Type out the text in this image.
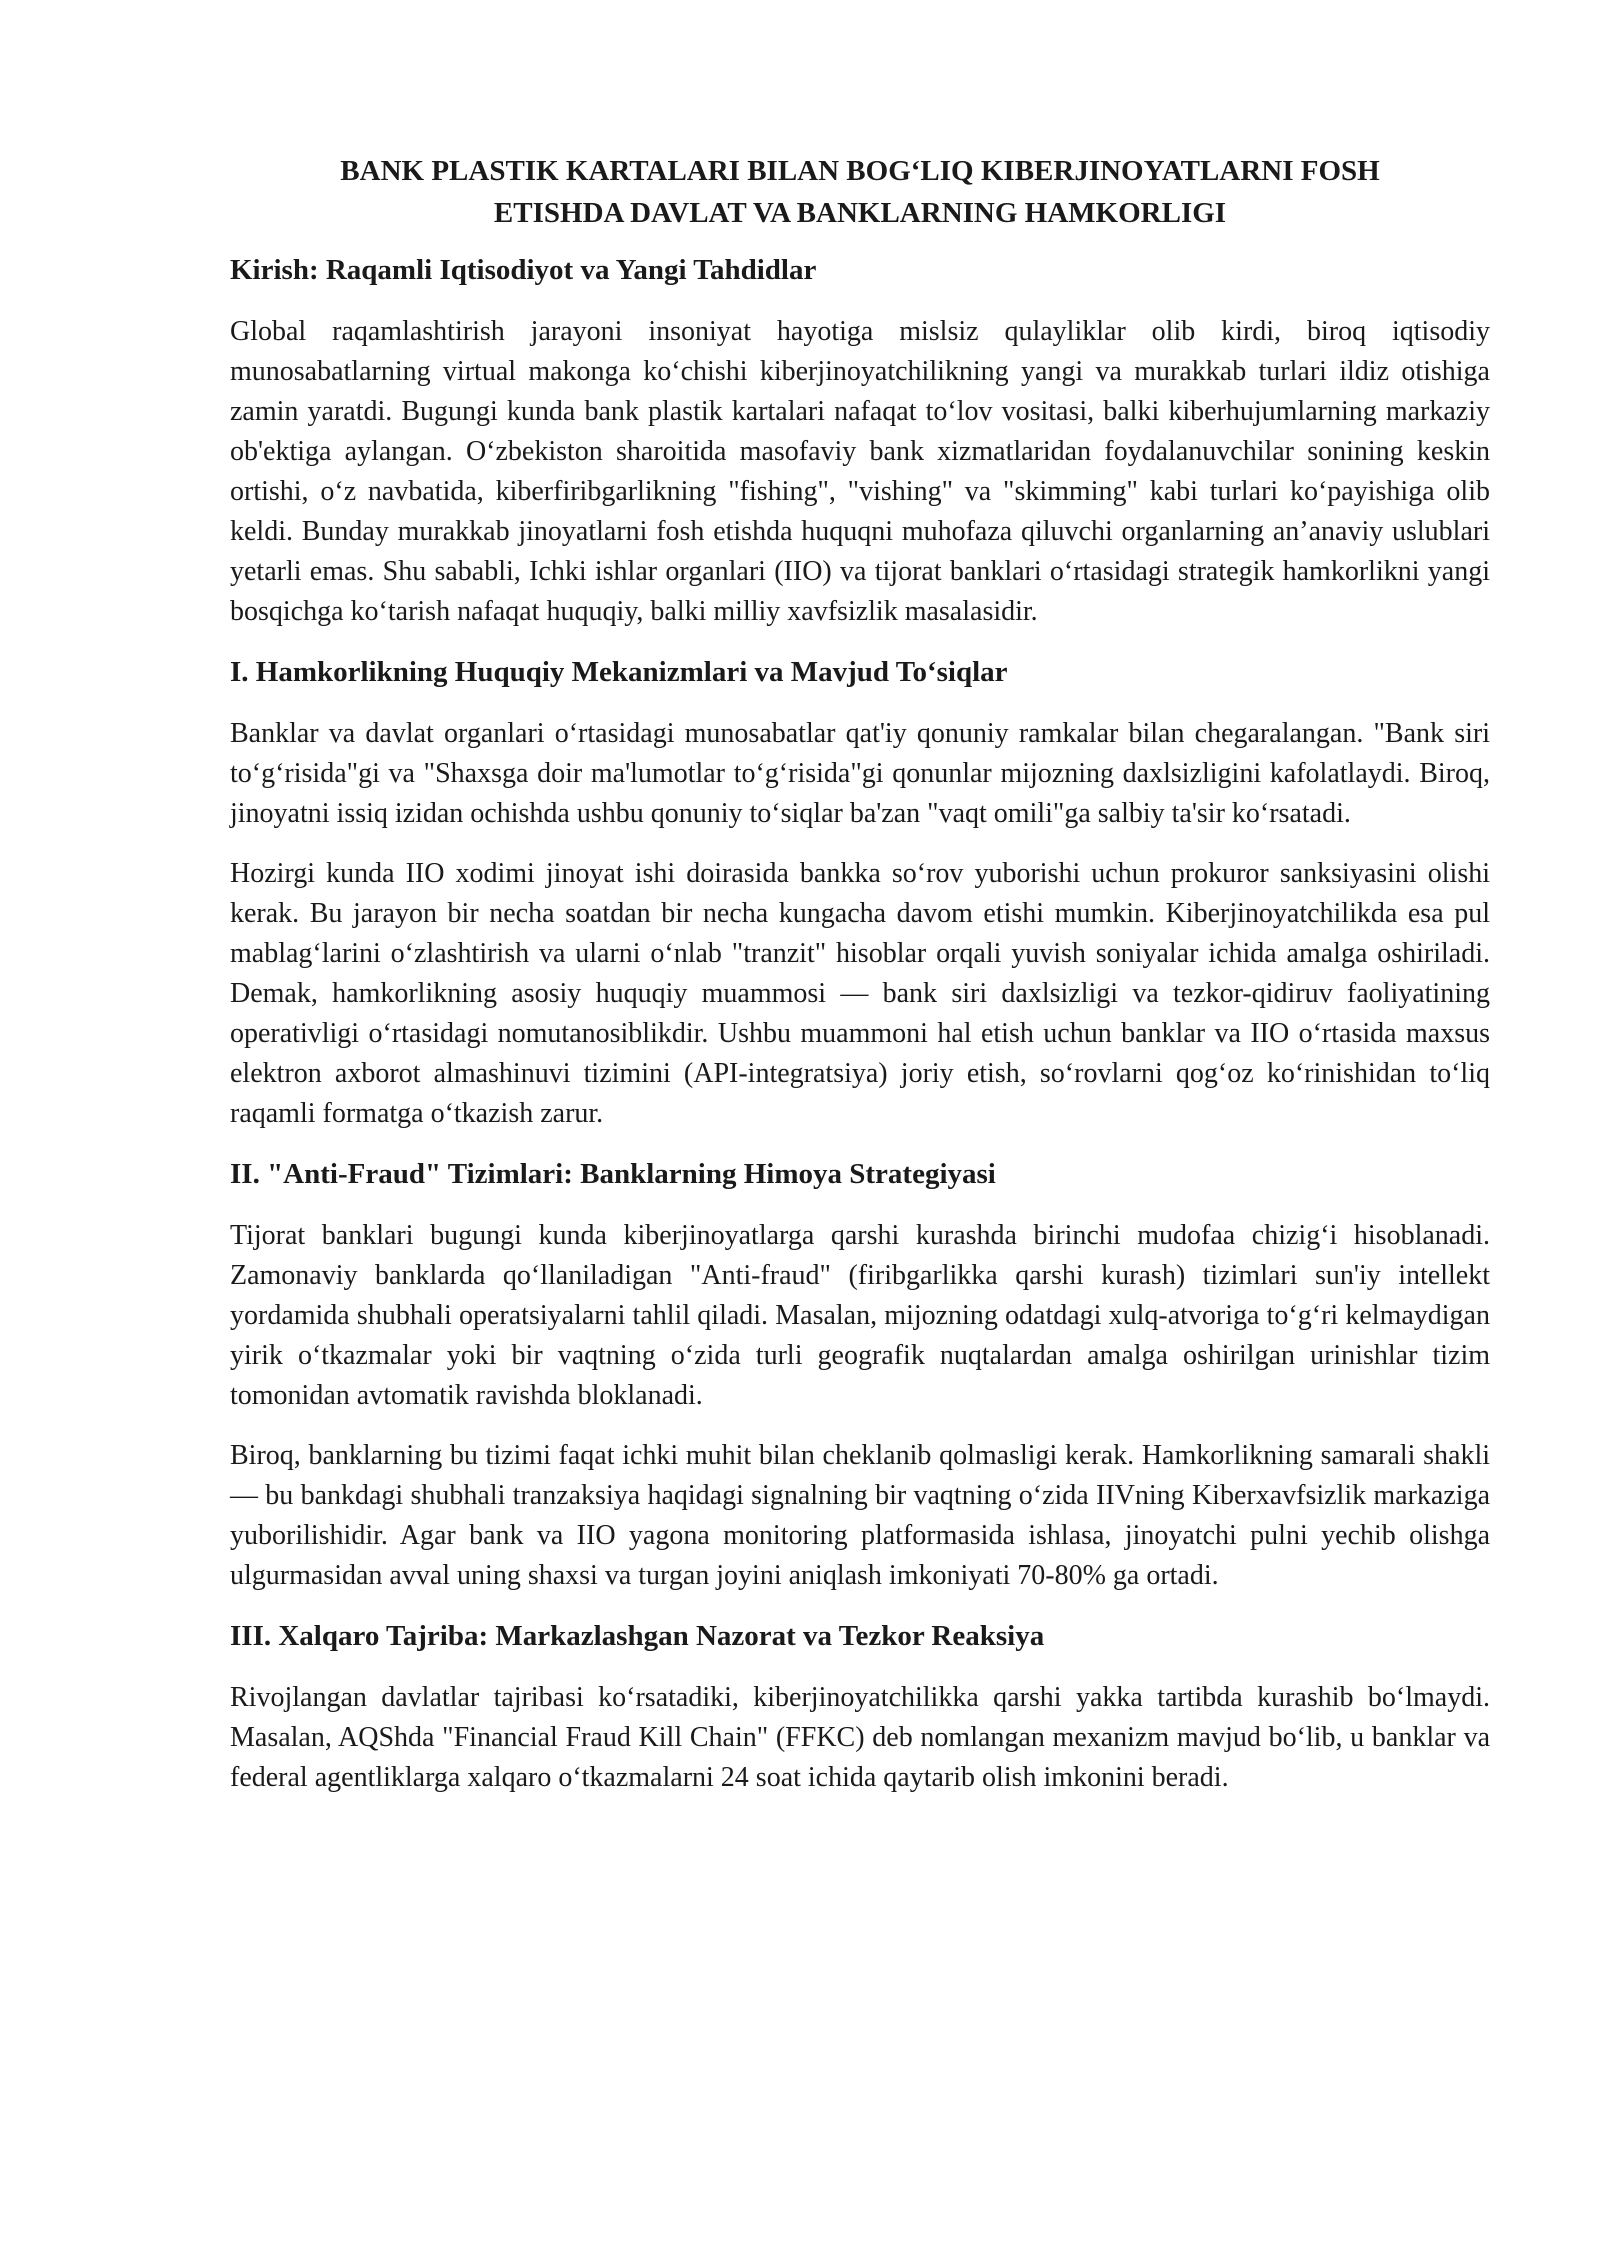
BANK PLASTIK KARTALARI BILAN BOG‘LIQ KIBERJINOYATLARNI FOSH
ETISHDA DAVLAT VA BANKLARNING HAMKORLIGI
Kirish: Raqamli Iqtisodiyot va Yangi Tahdidlar

Global raqamlashtirish jarayoni insoniyat hayotiga mislsiz qulayliklar olib kirdi, biroq iqtisodiy munosabatlarning virtual makonga ko‘chishi kiberjinoyatchilikning yangi va murakkab turlari ildiz otishiga zamin yaratdi. Bugungi kunda bank plastik kartalari nafaqat to‘lov vositasi, balki kiberhujumlarning markaziy ob'ektiga aylangan. O‘zbekiston sharoitida masofaviy bank xizmatlaridan foydalanuvchilar sonining keskin ortishi, o‘z navbatida, kiberfiribgarlikning "fishing", "vishing" va "skimming" kabi turlari ko‘payishiga olib keldi. Bunday murakkab jinoyatlarni fosh etishda huquqni muhofaza qiluvchi organlarning an’anaviy uslublari yetarli emas. Shu sababli, Ichki ishlar organlari (IIO) va tijorat banklari o‘rtasidagi strategik hamkorlikni yangi bosqichga ko‘tarish nafaqat huquqiy, balki milliy xavfsizlik masalasidir.

I. Hamkorlikning Huquqiy Mekanizmlari va Mavjud To‘siqlar

Banklar va davlat organlari o‘rtasidagi munosabatlar qat'iy qonuniy ramkalar bilan chegaralangan. "Bank siri to‘g‘risida"gi va "Shaxsga doir ma'lumotlar to‘g‘risida"gi qonunlar mijozning daxlsizligini kafolatlaydi. Biroq, jinoyatni issiq izidan ochishda ushbu qonuniy to‘siqlar ba'zan "vaqt omili"ga salbiy ta'sir ko‘rsatadi.

Hozirgi kunda IIO xodimi jinoyat ishi doirasida bankka so‘rov yuborishi uchun prokuror sanksiyasini olishi kerak. Bu jarayon bir necha soatdan bir necha kungacha davom etishi mumkin. Kiberjinoyatchilikda esa pul mablag‘larini o‘zlashtirish va ularni o‘nlab "tranzit" hisoblar orqali yuvish soniyalar ichida amalga oshiriladi. Demak, hamkorlikning asosiy huquqiy muammosi — bank siri daxlsizligi va tezkor-qidiruv faoliyatining operativligi o‘rtasidagi nomutanosiblikdir. Ushbu muammoni hal etish uchun banklar va IIO o‘rtasida maxsus elektron axborot almashinuvi tizimini (API-integratsiya) joriy etish, so‘rovlarni qog‘oz ko‘rinishidan to‘liq raqamli formatga o‘tkazish zarur.

II. "Anti-Fraud" Tizimlari: Banklarning Himoya Strategiyasi

Tijorat banklari bugungi kunda kiberjinoyatlarga qarshi kurashda birinchi mudofaa chizig‘i hisoblanadi. Zamonaviy banklarda qo‘llaniladigan "Anti-fraud" (firibgarlikka qarshi kurash) tizimlari sun'iy intellekt yordamida shubhali operatsiyalarni tahlil qiladi. Masalan, mijozning odatdagi xulq-atvoriga to‘g‘ri kelmaydigan yirik o‘tkazmalar yoki bir vaqtning o‘zida turli geografik nuqtalardan amalga oshirilgan urinishlar tizim tomonidan avtomatik ravishda bloklanadi.

Biroq, banklarning bu tizimi faqat ichki muhit bilan cheklanib qolmasligi kerak. Hamkorlikning samarali shakli — bu bankdagi shubhali tranzaksiya haqidagi signalning bir vaqtning o‘zida IIVning Kiberxavfsizlik markaziga yuborilishidir. Agar bank va IIO yagona monitoring platformasida ishlasa, jinoyatchi pulni yechib olishga ulgurmasidan avval uning shaxsi va turgan joyini aniqlash imkoniyati 70-80% ga ortadi.

III. Xalqaro Tajriba: Markazlashgan Nazorat va Tezkor Reaksiya

Rivojlangan davlatlar tajribasi ko‘rsatadiki, kiberjinoyatchilikka qarshi yakka tartibda kurashib bo‘lmaydi. Masalan, AQShda "Financial Fraud Kill Chain" (FFKC) deb nomlangan mexanizm mavjud bo‘lib, u banklar va federal agentliklarga xalqaro o‘tkazmalarni 24 soat ichida qaytarib olish imkonini beradi.
